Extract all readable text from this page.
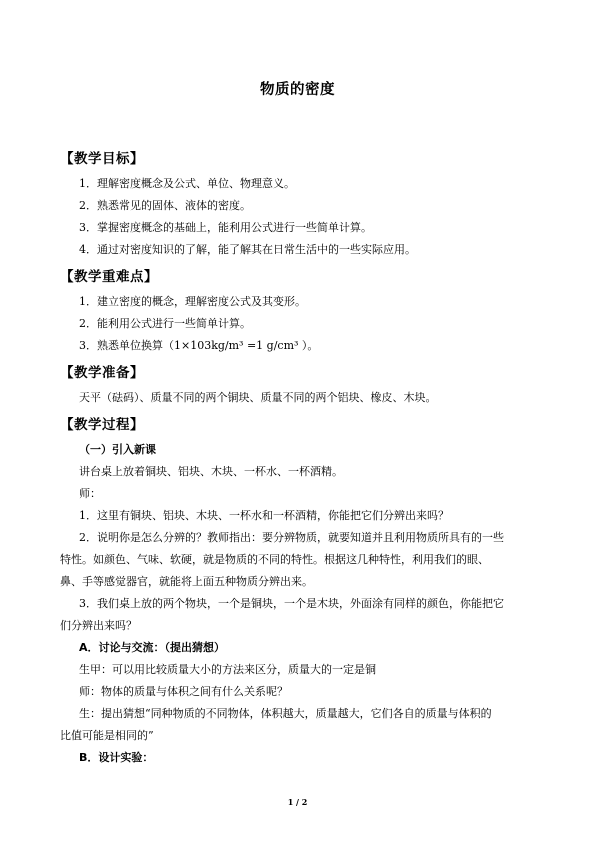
物质的密度
【教学目标】
1．理解密度概念及公式、单位、物理意义。
2．熟悉常见的固体、液体的密度。
3．掌握密度概念的基础上，能利用公式进行一些简单计算。
4．通过对密度知识的了解，能了解其在日常生活中的一些实际应用。
【教学重难点】
1．建立密度的概念，理解密度公式及其变形。
2．能利用公式进行一些简单计算。
3．熟悉单位换算（1×103kg/m³ =1 g/cm³ ）。
【教学准备】
天平（砝码）、质量不同的两个铜块、质量不同的两个铝块、橡皮、木块。
【教学过程】
（一）引入新课
讲台桌上放着铜块、铝块、木块、一杯水、一杯酒精。
师：
1．这里有铜块、铝块、木块、一杯水和一杯酒精，你能把它们分辨出来吗？
2．说明你是怎么分辨的？教师指出：要分辨物质，就要知道并且利用物质所具有的一些
特性。如颜色、气味、软硬，就是物质的不同的特性。根据这几种特性，利用我们的眼、
鼻、手等感觉器官，就能将上面五种物质分辨出来。
3．我们桌上放的两个物块，一个是铜块，一个是木块，外面涂有同样的颜色，你能把它
们分辨出来吗？
A．讨论与交流：（提出猜想）
生甲：可以用比较质量大小的方法来区分，质量大的一定是铜
师：物体的质量与体积之间有什么关系呢？
生：提出猜想“同种物质的不同物体，体积越大，质量越大，它们各自的质量与体积的
比值可能是相同的”
B．设计实验：
1 / 2
